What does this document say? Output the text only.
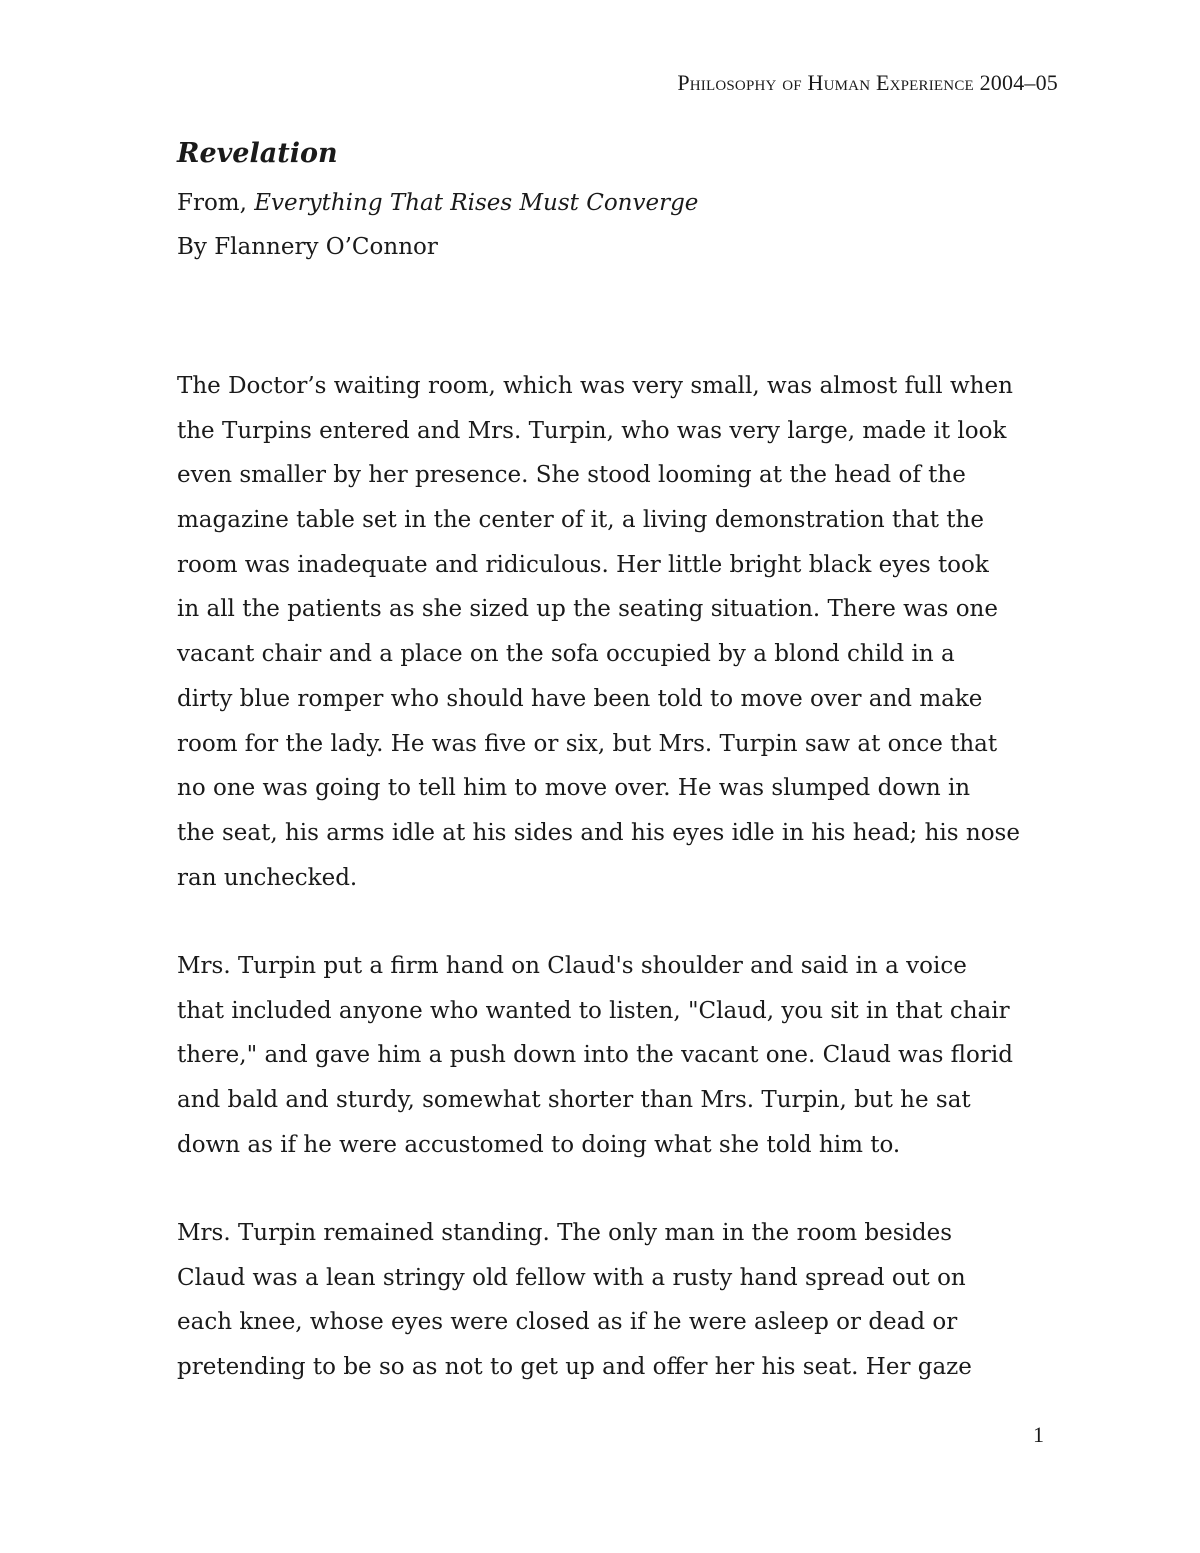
Philosophy of Human Experience 2004–05
Revelation

From, Everything That Rises Must Converge

By Flannery O’Connor

The Doctor’s waiting room, which was very small, was almost full when
the Turpins entered and Mrs. Turpin, who was very large, made it look
even smaller by her presence. She stood looming at the head of the
magazine table set in the center of it, a living demonstration that the
room was inadequate and ridiculous. Her little bright black eyes took
in all the patients as she sized up the seating situation. There was one
vacant chair and a place on the sofa occupied by a blond child in a
dirty blue romper who should have been told to move over and make
room for the lady. He was five or six, but Mrs. Turpin saw at once that
no one was going to tell him to move over. He was slumped down in
the seat, his arms idle at his sides and his eyes idle in his head; his nose
ran unchecked.
Mrs. Turpin put a firm hand on Claud's shoulder and said in a voice
that included anyone who wanted to listen, "Claud, you sit in that chair
there," and gave him a push down into the vacant one. Claud was florid
and bald and sturdy, somewhat shorter than Mrs. Turpin, but he sat
down as if he were accustomed to doing what she told him to.
Mrs. Turpin remained standing. The only man in the room besides
Claud was a lean stringy old fellow with a rusty hand spread out on
each knee, whose eyes were closed as if he were asleep or dead or
pretending to be so as not to get up and offer her his seat. Her gaze
1
